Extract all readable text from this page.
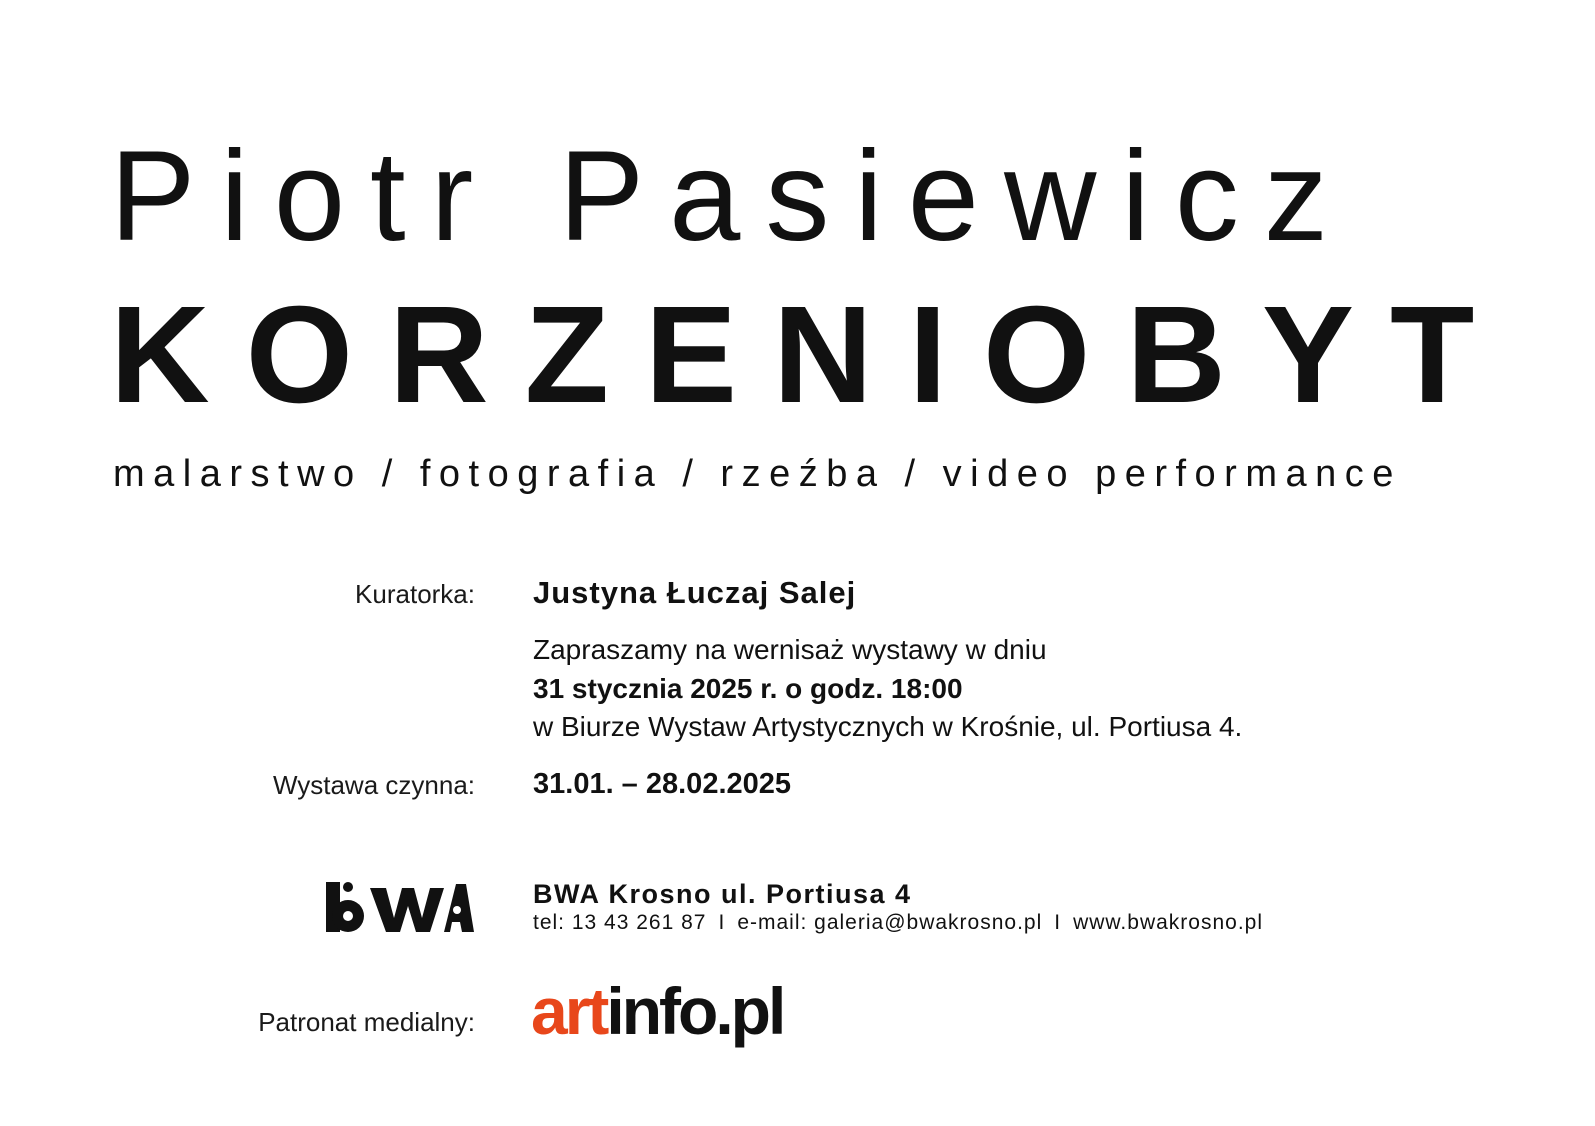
Piotr Pasiewicz
KORZENIOBYT
malarstwo / fotografia / rzeźba / video performance
Kuratorka: Justyna Łuczaj Salej
Zapraszamy na wernisaż wystawy w dniu
31 stycznia 2025 r. o godz. 18:00
w Biurze Wystaw Artystycznych w Krośnie, ul. Portiusa 4.
Wystawa czynna: 31.01. – 28.02.2025
BWA Krosno ul. Portiusa 4
tel: 13 43 261 87 I e-mail: galeria@bwakrosno.pl I www.bwakrosno.pl
Patronat medialny: artinfo.pl
